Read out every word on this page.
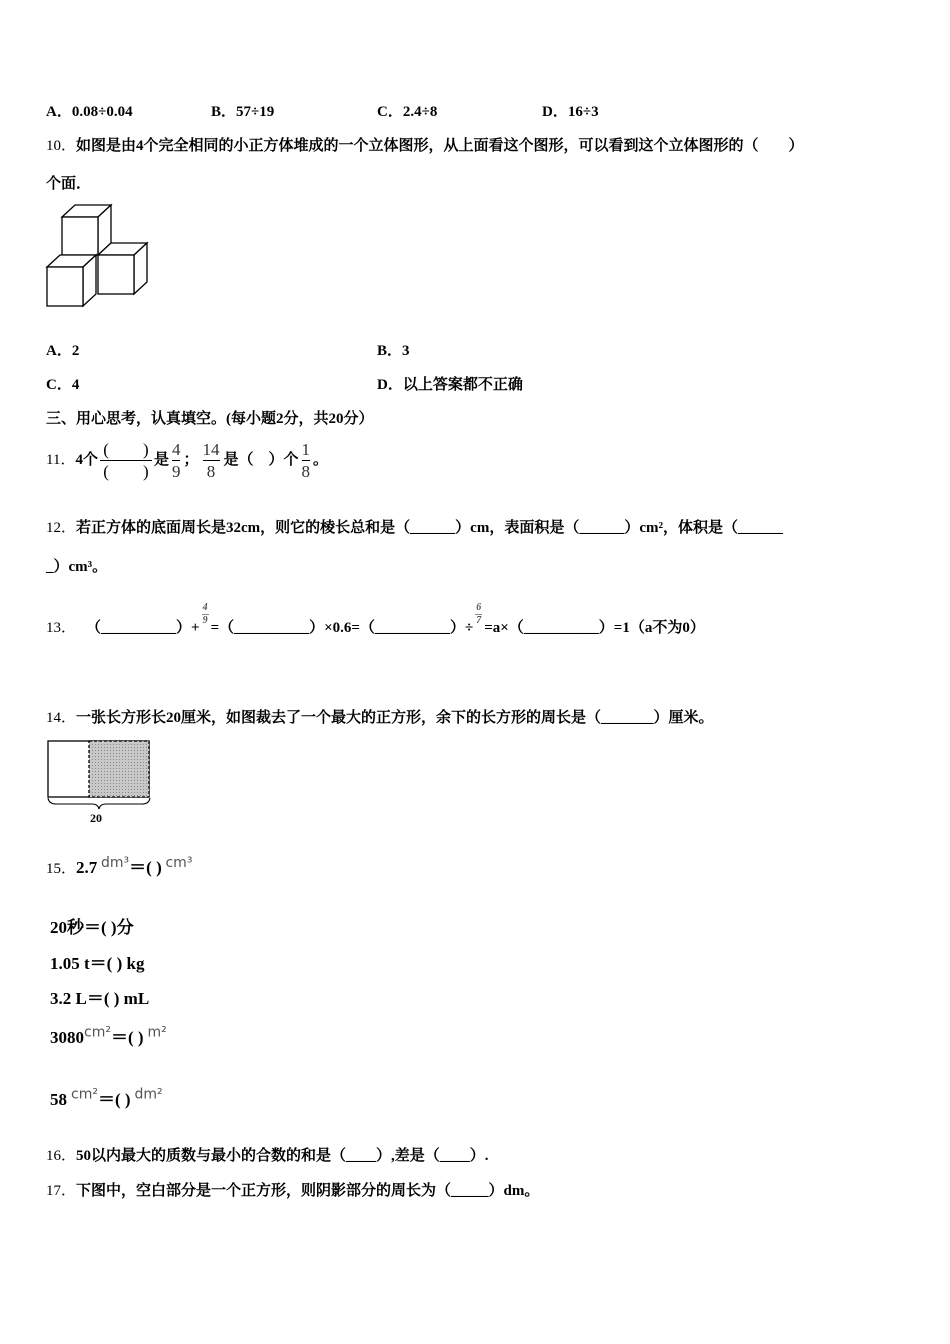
A．0.08÷0.04	B．57÷19	C．2.4÷8	D．16÷3
10．如图是由4个完全相同的小正方体堆成的一个立体图形，从上面看这个图形，可以看到这个立体图形的（　　）
个面．
A．2	B．3
C．4	D．以上答案都不正确
三、用心思考，认真填空。(每小题2分，共20分）
11． 4个 $\frac{( )}{( )}$ 是 $\frac{4}{9}$ ； $\frac{14}{8}$ 是（　）个 $\frac{1}{8}$ 。
12．若正方体的底面周长是32cm，则它的棱长总和是（______）cm，表面积是（______）cm²，体积是（______
_）cm³。
13． （__________）+
4
9 =（__________）×0.6=（__________）÷
6
7 =a×（__________）=1（a不为0）
14．一张长方形长20厘米，如图裁去了一个最大的正方形，余下的长方形的周长是（_______）厘米。
20
15．2.7 dm³＝( ) cm³
20秒＝( )分
1.05 t＝( ) kg
3.2 L＝( ) mL
3080cm²＝( ) m²
58 cm²＝( ) dm²
16．50以内最大的质数与最小的合数的和是（____）,差是（____）.
17．下图中，空白部分是一个正方形，则阴影部分的周长为（_____）dm。
